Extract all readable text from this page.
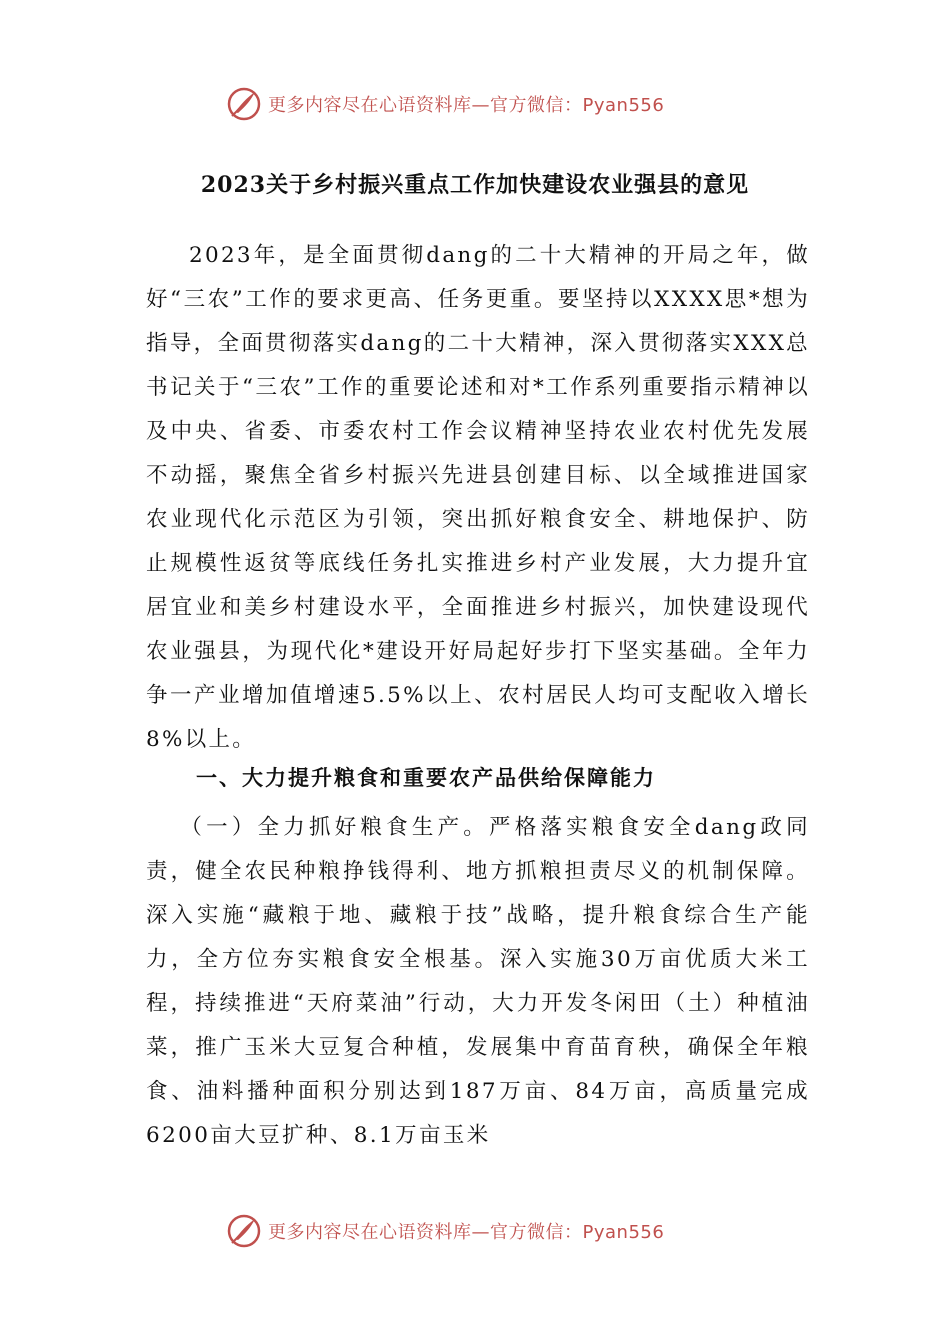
更多内容尽在心语资料库—官方微信：Pyan556
2023关于乡村振兴重点工作加快建设农业强县的意见

2023年，是全面贯彻dang的二十大精神的开局之年，做好“三农”工作的要求更高、任务更重。要坚持以XXXX思*想为指导，全面贯彻落实dang的二十大精神，深入贯彻落实XXX总书记关于“三农”工作的重要论述和对*工作系列重要指示精神以及中央、省委、市委农村工作会议精神坚持农业农村优先发展不动摇，聚焦全省乡村振兴先进县创建目标、以全域推进国家农业现代化示范区为引领，突出抓好粮食安全、耕地保护、防止规模性返贫等底线任务扎实推进乡村产业发展，大力提升宜居宜业和美乡村建设水平，全面推进乡村振兴，加快建设现代农业强县，为现代化*建设开好局起好步打下坚实基础。全年力争一产业增加值增速5.5%以上、农村居民人均可支配收入增长8%以上。

一、大力提升粮食和重要农产品供给保障能力

（一）全力抓好粮食生产。严格落实粮食安全dang政同责，健全农民种粮挣钱得利、地方抓粮担责尽义的机制保障。深入实施“藏粮于地、藏粮于技”战略，提升粮食综合生产能力，全方位夯实粮食安全根基。深入实施30万亩优质大米工程，持续推进“天府菜油”行动，大力开发冬闲田（土）种植油菜，推广玉米大豆复合种植，发展集中育苗育秧，确保全年粮食、油料播种面积分别达到187万亩、84万亩，高质量完成6200亩大豆扩种、8.1万亩玉米

更多内容尽在心语资料库—官方微信：Pyan556
